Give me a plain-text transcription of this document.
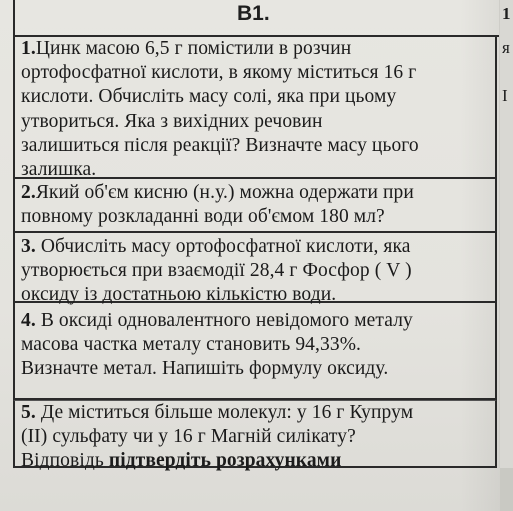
B1.
1.Цинк масою 6,5 г помістили в розчин
ортофосфатної кислоти, в якому міститься 16 г
кислоти. Обчисліть масу солі, яка при цьому
утвориться. Яка з вихідних речовин
залишиться після реакції? Визначте масу цього
залишка.
2.Який об'єм кисню (н.у.) можна одержати при
повному розкладанні води об'ємом 180 мл?
3. Обчисліть масу ортофосфатної кислоти, яка
утворюється при взаємодії 28,4 г Фосфор ( V )
оксиду із достатньою кількістю води.
4. В оксиді одновалентного невідомого металу
масова частка металу становить 94,33%.
Визначте метал. Напишіть формулу оксиду.
5. Де міститься більше молекул: у 16 г Купрум
(ІІ) сульфату чи у 16 г Магній силікату?
Відповідь підтвердіть розрахунками
1
я
І
